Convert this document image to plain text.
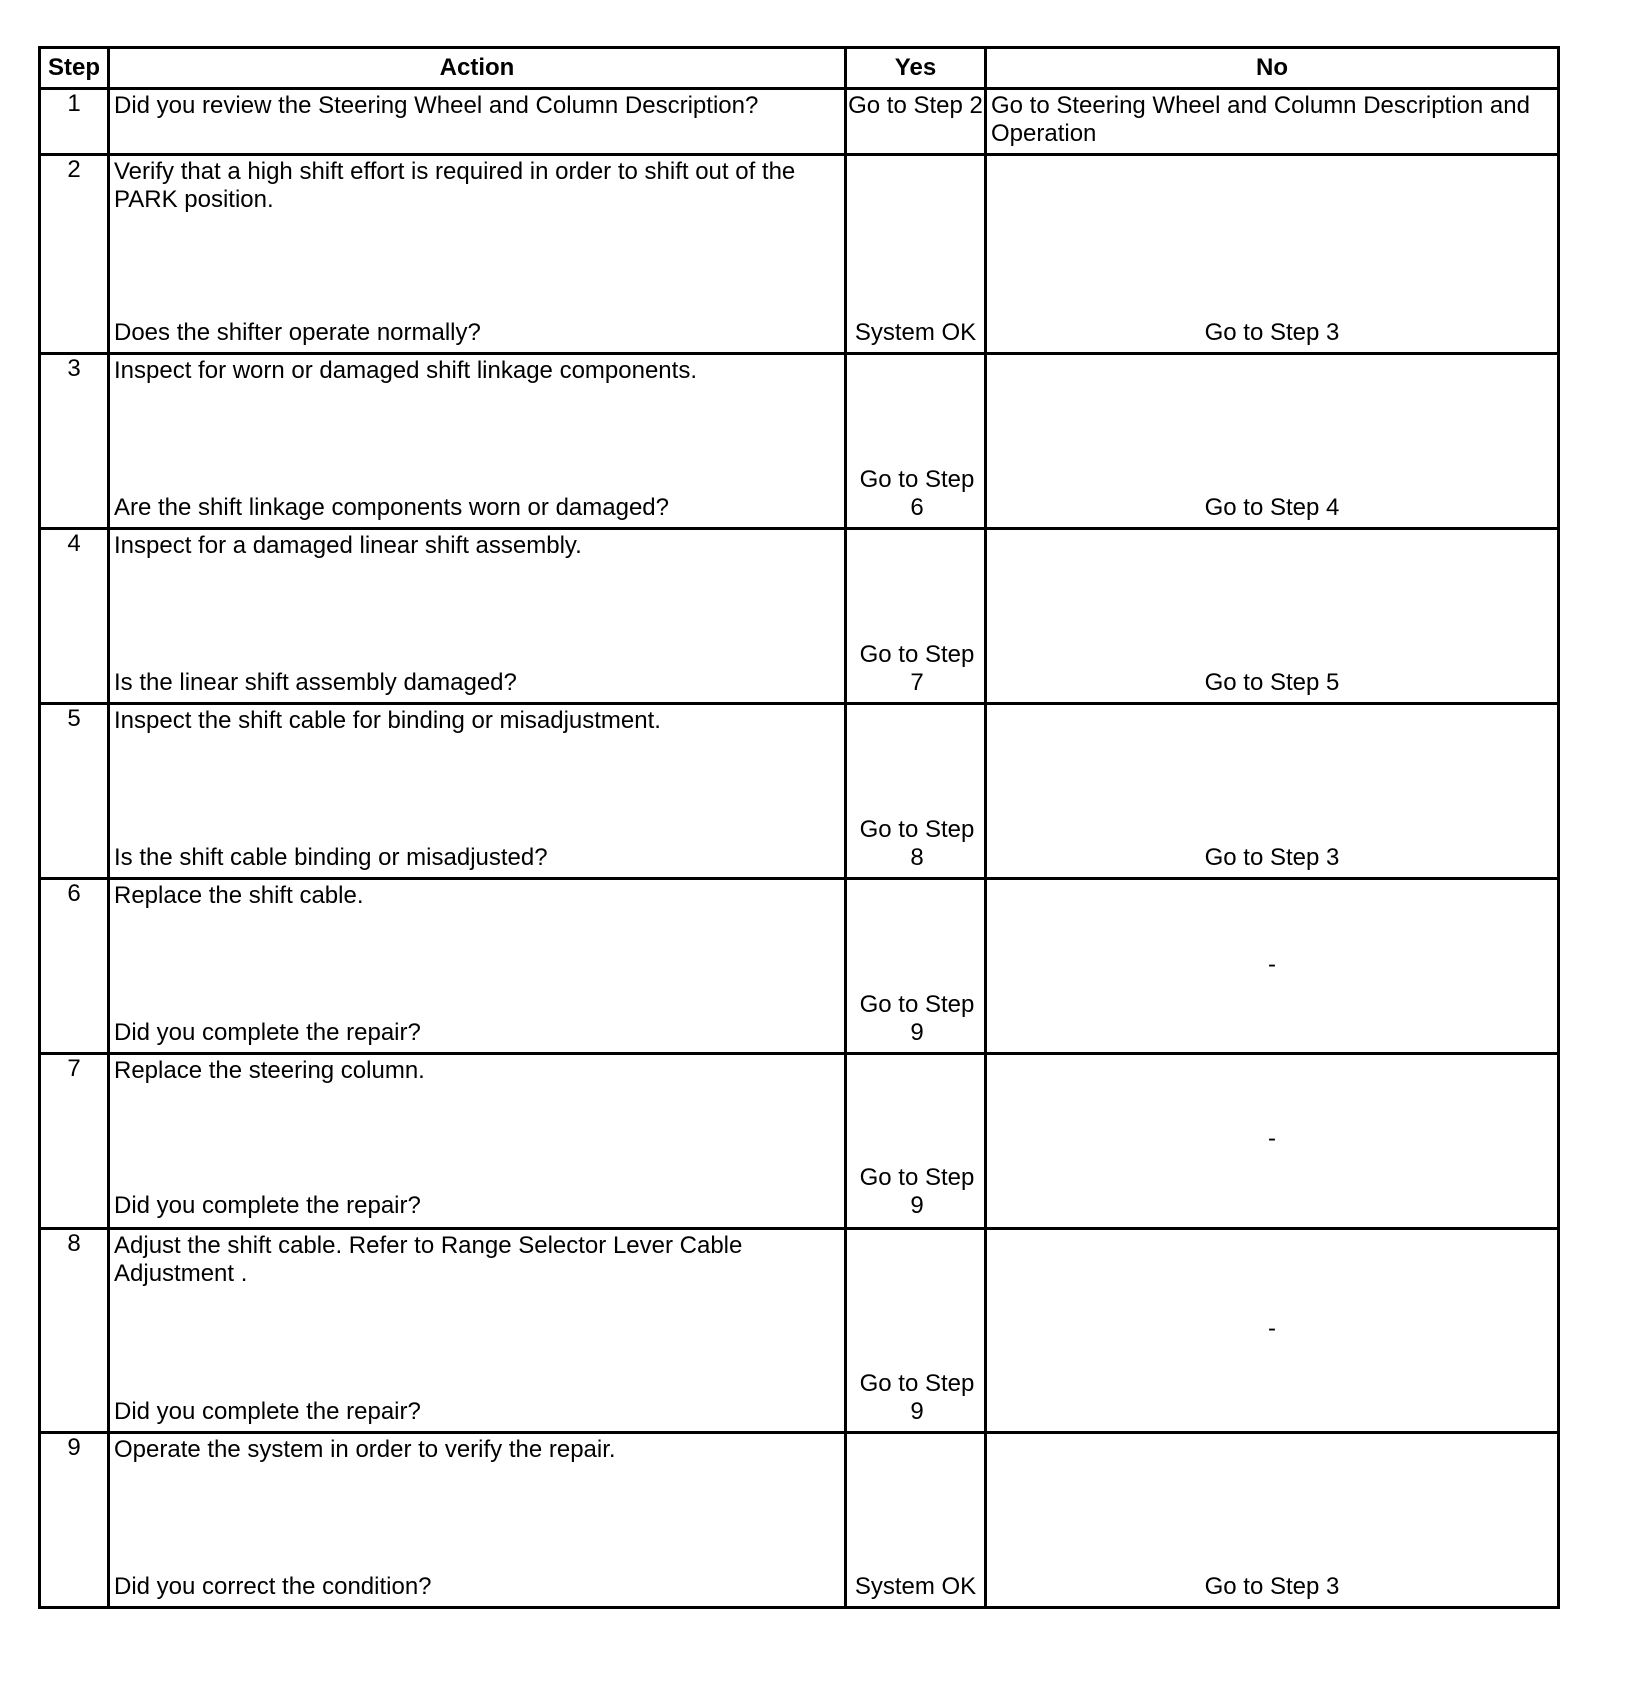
Step	Action	Yes	No
1	Did you review the Steering Wheel and Column Description?	Go to Step 2	Go to Steering Wheel and Column Description and Operation

2	Verify that a high shift effort is required in order to shift out of the PARK position.
Does the shifter operate normally?	System OK	Go to Step 3

3	Inspect for worn or damaged shift linkage components.
Are the shift linkage components worn or damaged?	Go to Step 6	Go to Step 4

4	Inspect for a damaged linear shift assembly.
Is the linear shift assembly damaged?	Go to Step 7	Go to Step 5

5	Inspect the shift cable for binding or misadjustment.
Is the shift cable binding or misadjusted?	Go to Step 8	Go to Step 3

6	Replace the shift cable.
Did you complete the repair?	Go to Step 9	-

7	Replace the steering column.
Did you complete the repair?	Go to Step 9	-

8	Adjust the shift cable. Refer to Range Selector Lever Cable Adjustment .
Did you complete the repair?	Go to Step 9	-

9	Operate the system in order to verify the repair.
Did you correct the condition?	System OK	Go to Step 3
